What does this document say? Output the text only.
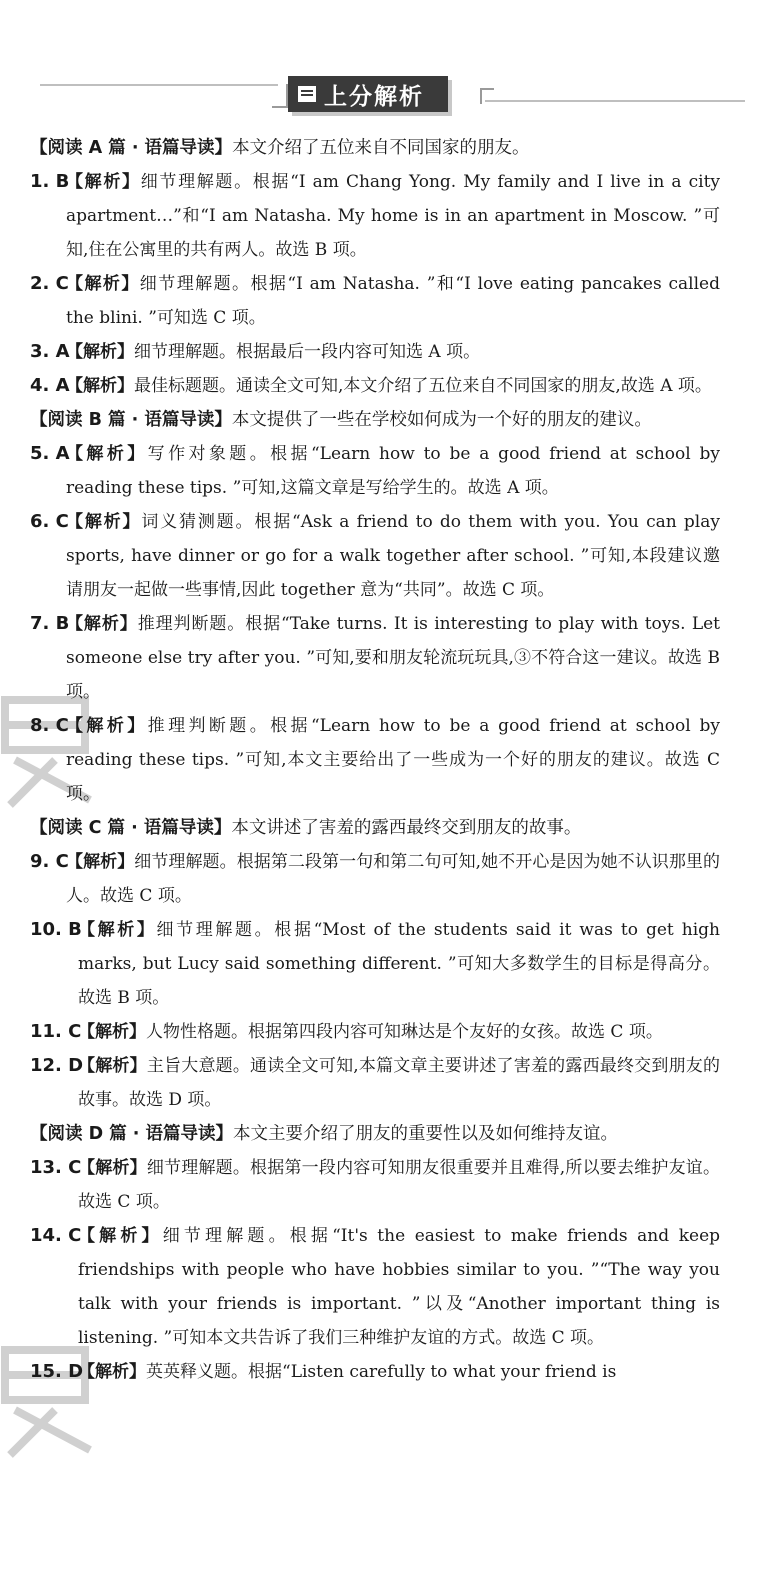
上分解析

【阅读 A 篇 · 语篇导读】本文介绍了五位来自不同国家的朋友。

1. B
【解析】细节理解题。根据“I am Chang Yong. My family and I live in a city apartment…”和“I am Natasha. My home is in an apartment in Moscow. ”可知,住在公寓里的共有两人。故选 B 项。
2. C
【解析】细节理解题。根据“I am Natasha. ”和“I love eating pancakes called the blini. ”可知选 C 项。
3. A
【解析】细节理解题。根据最后一段内容可知选 A 项。
4. A
【解析】最佳标题题。通读全文可知,本文介绍了五位来自不同国家的朋友,故选 A 项。

【阅读 B 篇 · 语篇导读】本文提供了一些在学校如何成为一个好的朋友的建议。

5. A
【解析】写作对象题。根据“Learn how to be a good friend at school by reading these tips. ”可知,这篇文章是写给学生的。故选 A 项。
6. C
【解析】词义猜测题。根据“Ask a friend to do them with you. You can play sports, have dinner or go for a walk together after school. ”可知,本段建议邀请朋友一起做一些事情,因此 together 意为“共同”。故选 C 项。
7. B
【解析】推理判断题。根据“Take turns. It is interesting to play with toys. Let someone else try after you. ”可知,要和朋友轮流玩玩具,③不符合这一建议。故选 B 项。
8. C
【解析】推理判断题。根据“Learn how to be a good friend at school by reading these tips. ”可知,本文主要给出了一些成为一个好的朋友的建议。故选 C 项。

【阅读 C 篇 · 语篇导读】本文讲述了害羞的露西最终交到朋友的故事。

9. C
【解析】细节理解题。根据第二段第一句和第二句可知,她不开心是因为她不认识那里的人。故选 C 项。
10. B
【解析】细节理解题。根据“Most of the students said it was to get high marks, but Lucy said something different. ”可知大多数学生的目标是得高分。故选 B 项。
11. C
【解析】人物性格题。根据第四段内容可知琳达是个友好的女孩。故选 C 项。
12. D
【解析】主旨大意题。通读全文可知,本篇文章主要讲述了害羞的露西最终交到朋友的故事。故选 D 项。

【阅读 D 篇 · 语篇导读】本文主要介绍了朋友的重要性以及如何维持友谊。

13. C
【解析】细节理解题。根据第一段内容可知朋友很重要并且难得,所以要去维护友谊。故选 C 项。
14. C
【解析】细节理解题。根据“It's the easiest to make friends and keep friendships with people who have hobbies similar to you. ”“The way you talk with your friends is important. ”以及“Another important thing is listening. ”可知本文共告诉了我们三种维护友谊的方式。故选 C 项。
15. D
【解析】英英释义题。根据“Listen carefully to what your friend is
